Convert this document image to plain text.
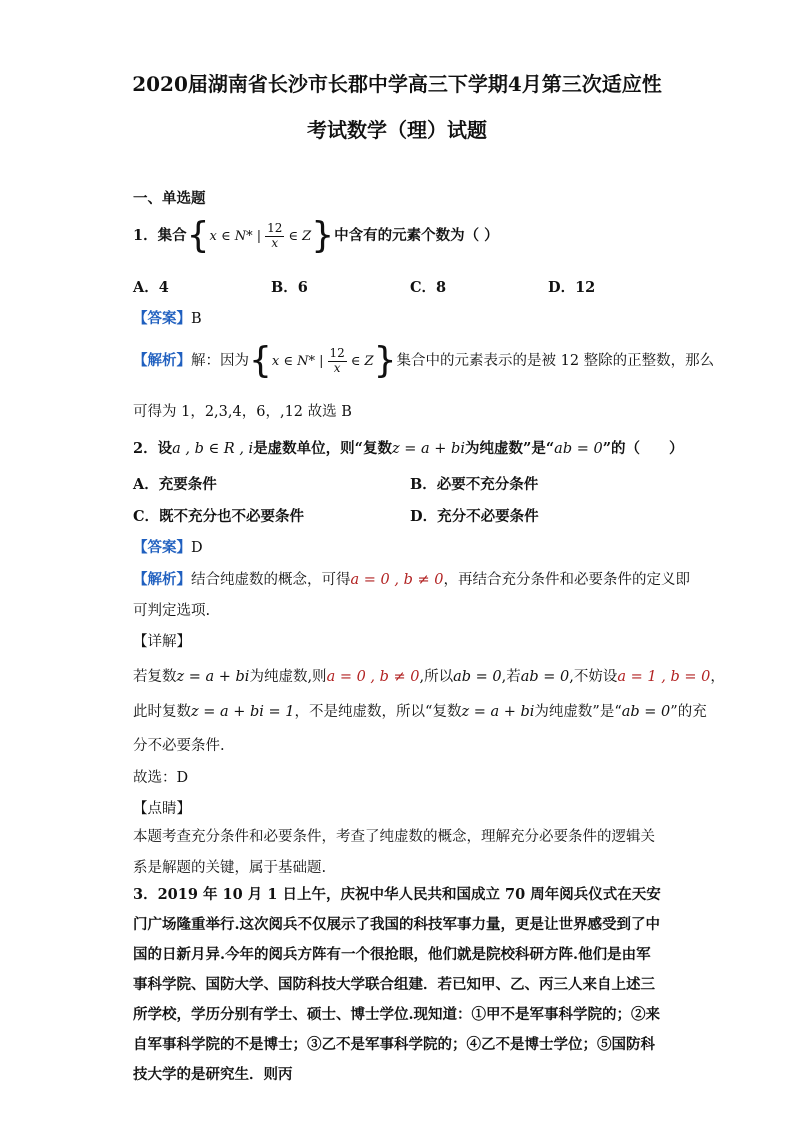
2020届湖南省长沙市长郡中学高三下学期4月第三次适应性
考试数学（理）试题
一、单选题
1．集合 { x ∈ N* | $\frac{12}{x}$ ∈ Z } 中含有的元素个数为（ ）
A．4	B．6	C．8	D．12
【答案】B
【解析】解：因为 { x ∈ N* | $\frac{12}{x}$ ∈ Z } 集合中的元素表示的是被 12 整除的正整数，那么
可得为 1，2,3,4，6，,12 故选 B
2．设a , b ∈ R , i是虚数单位，则“复数z = a + bi为纯虚数”是“ab = 0”的（　　）
A．充要条件	B．必要不充分条件
C．既不充分也不必要条件	D．充分不必要条件
【答案】D
【解析】结合纯虚数的概念，可得a = 0 , b ≠ 0，再结合充分条件和必要条件的定义即
可判定选项.
【详解】
若复数z = a + bi为纯虚数,则a = 0 , b ≠ 0,所以ab = 0,若ab = 0,不妨设a = 1 , b = 0，
此时复数z = a + bi = 1，不是纯虚数，所以“复数z = a + bi为纯虚数”是“ab = 0”的充
分不必要条件.
故选：D
【点睛】
本题考查充分条件和必要条件，考查了纯虚数的概念，理解充分必要条件的逻辑关系是解题的关键，属于基础题.
3．2019 年 10 月 1 日上午，庆祝中华人民共和国成立 70 周年阅兵仪式在天安门广场隆重举行.这次阅兵不仅展示了我国的科技军事力量，更是让世界感受到了中国的日新月异.今年的阅兵方阵有一个很抢眼，他们就是院校科研方阵.他们是由军事科学院、国防大学、国防科技大学联合组建．若已知甲、乙、丙三人来自上述三所学校，学历分别有学士、硕士、博士学位.现知道：①甲不是军事科学院的；②来自军事科学院的不是博士；③乙不是军事科学院的；④乙不是博士学位；⑤国防科技大学的是研究生．则丙
